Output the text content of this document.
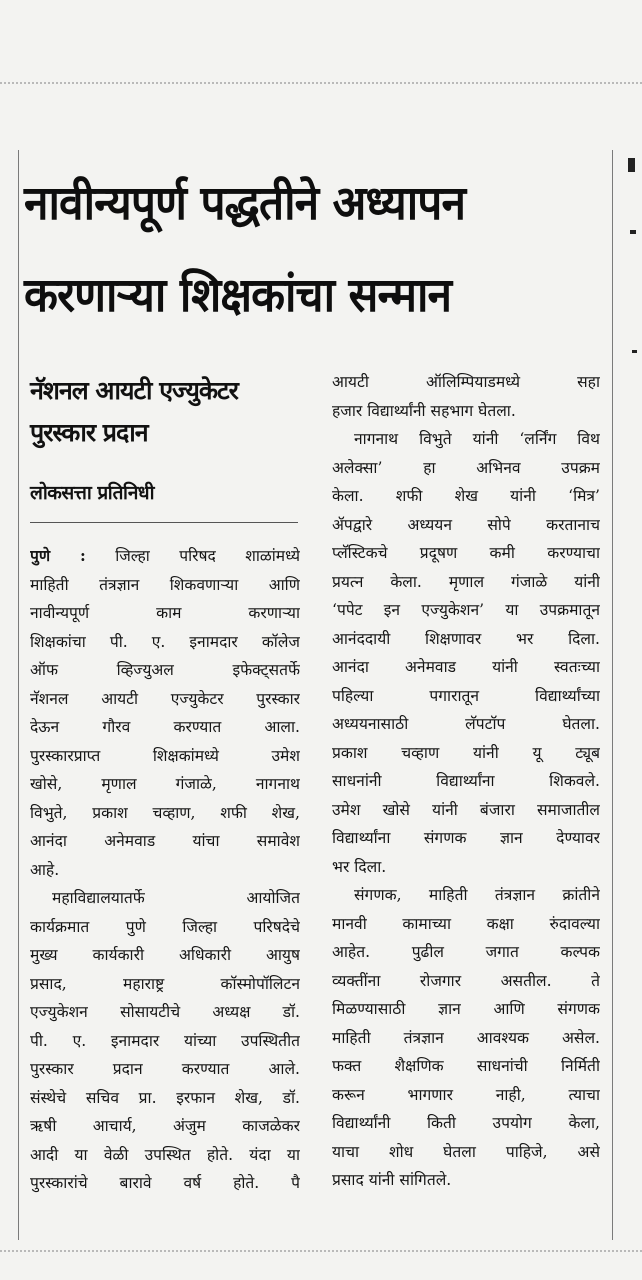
नावीन्यपूर्ण पद्धतीने अध्यापन
करणाऱ्या शिक्षकांचा सन्मान
नॅशनल आयटी एज्युकेटर
पुरस्कार प्रदान
लोकसत्ता प्रतिनिधी

पुणे : जिल्हा परिषद शाळांमध्ये
माहिती तंत्रज्ञान शिकवणाऱ्या आणि
नावीन्यपूर्ण काम करणाऱ्या
शिक्षकांचा पी. ए. इनामदार कॉलेज
ऑफ व्हिज्युअल इफेक्ट्सतर्फे
नॅशनल आयटी एज्युकेटर पुरस्कार
देऊन गौरव करण्यात आला.
पुरस्कारप्राप्त शिक्षकांमध्ये उमेश
खोसे, मृणाल गंजाळे, नागनाथ
विभुते, प्रकाश चव्हाण, शफी शेख,
आनंदा अनेमवाड यांचा समावेश
आहे.

महाविद्यालयातर्फे आयोजित
कार्यक्रमात पुणे जिल्हा परिषदेचे
मुख्य कार्यकारी अधिकारी आयुष
प्रसाद, महाराष्ट्र कॉस्मोपॉलिटन
एज्युकेशन सोसायटीचे अध्यक्ष डॉ.
पी. ए. इनामदार यांच्या उपस्थितीत
पुरस्कार प्रदान करण्यात आले.
संस्थेचे सचिव प्रा. इरफान शेख, डॉ.
ऋषी आचार्य, अंजुम काजळेकर
आदी या वेळी उपस्थित होते. यंदा या
पुरस्कारांचे बारावे वर्ष होते. पै

आयटी ऑलिम्पियाडमध्ये सहा
हजार विद्यार्थ्यांनी सहभाग घेतला.

नागनाथ विभुते यांनी ‘लर्निंग विथ
अलेक्सा’ हा अभिनव उपक्रम
केला. शफी शेख यांनी ‘मित्र’
ॲपद्वारे अध्ययन सोपे करतानाच
प्लॅस्टिकचे प्रदूषण कमी करण्याचा
प्रयत्न केला. मृणाल गंजाळे यांनी
‘पपेट इन एज्युकेशन’ या उपक्रमातून
आनंददायी शिक्षणावर भर दिला.
आनंदा अनेमवाड यांनी स्वतःच्या
पहिल्या पगारातून विद्यार्थ्यांच्या
अध्ययनासाठी लॅपटॉप घेतला.
प्रकाश चव्हाण यांनी यू ट्यूब
साधनांनी विद्यार्थ्यांना शिकवले.
उमेश खोसे यांनी बंजारा समाजातील
विद्यार्थ्यांना संगणक ज्ञान देण्यावर
भर दिला.

संगणक, माहिती तंत्रज्ञान क्रांतीने
मानवी कामाच्या कक्षा रुंदावल्या
आहेत. पुढील जगात कल्पक
व्यक्तींना रोजगार असतील. ते
मिळण्यासाठी ज्ञान आणि संगणक
माहिती तंत्रज्ञान आवश्यक असेल.
फक्त शैक्षणिक साधनांची निर्मिती
करून भागणार नाही, त्याचा
विद्यार्थ्यांनी किती उपयोग केला,
याचा शोध घेतला पाहिजे, असे
प्रसाद यांनी सांगितले.
